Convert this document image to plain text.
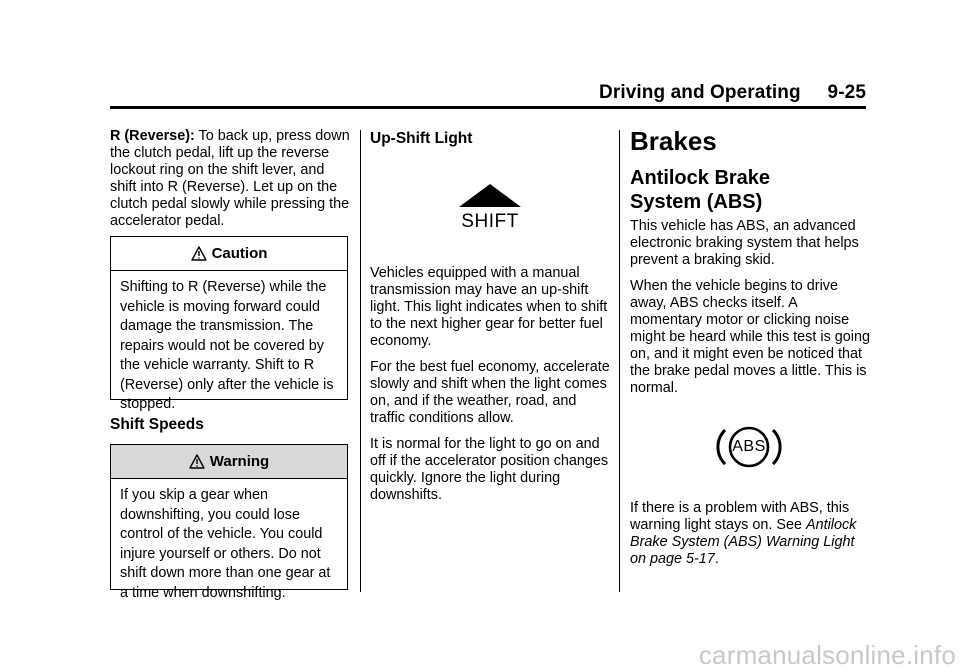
Driving and Operating     9-25

R (Reverse): To back up, press down the clutch pedal, lift up the reverse lockout ring on the shift lever, and shift into R (Reverse). Let up on the clutch pedal slowly while pressing the accelerator pedal.

Caution
Shifting to R (Reverse) while the vehicle is moving forward could damage the transmission. The repairs would not be covered by the vehicle warranty. Shift to R (Reverse) only after the vehicle is stopped.
Shift Speeds
Warning
If you skip a gear when downshifting, you could lose control of the vehicle. You could injure yourself or others. Do not shift down more than one gear at a time when downshifting.
Up-Shift Light
SHIFT

Vehicles equipped with a manual transmission may have an up-shift light. This light indicates when to shift to the next higher gear for better fuel economy.

For the best fuel economy, accelerate slowly and shift when the light comes on, and if the weather, road, and traffic conditions allow.

It is normal for the light to go on and off if the accelerator position changes quickly. Ignore the light during downshifts.

Brakes
Antilock Brake System (ABS)

This vehicle has ABS, an advanced electronic braking system that helps prevent a braking skid.

When the vehicle begins to drive away, ABS checks itself. A momentary motor or clicking noise might be heard while this test is going on, and it might even be noticed that the brake pedal moves a little. This is normal.

ABS

If there is a problem with ABS, this warning light stays on. See Antilock Brake System (ABS) Warning Light on page 5-17.

carmanualsonline.info
